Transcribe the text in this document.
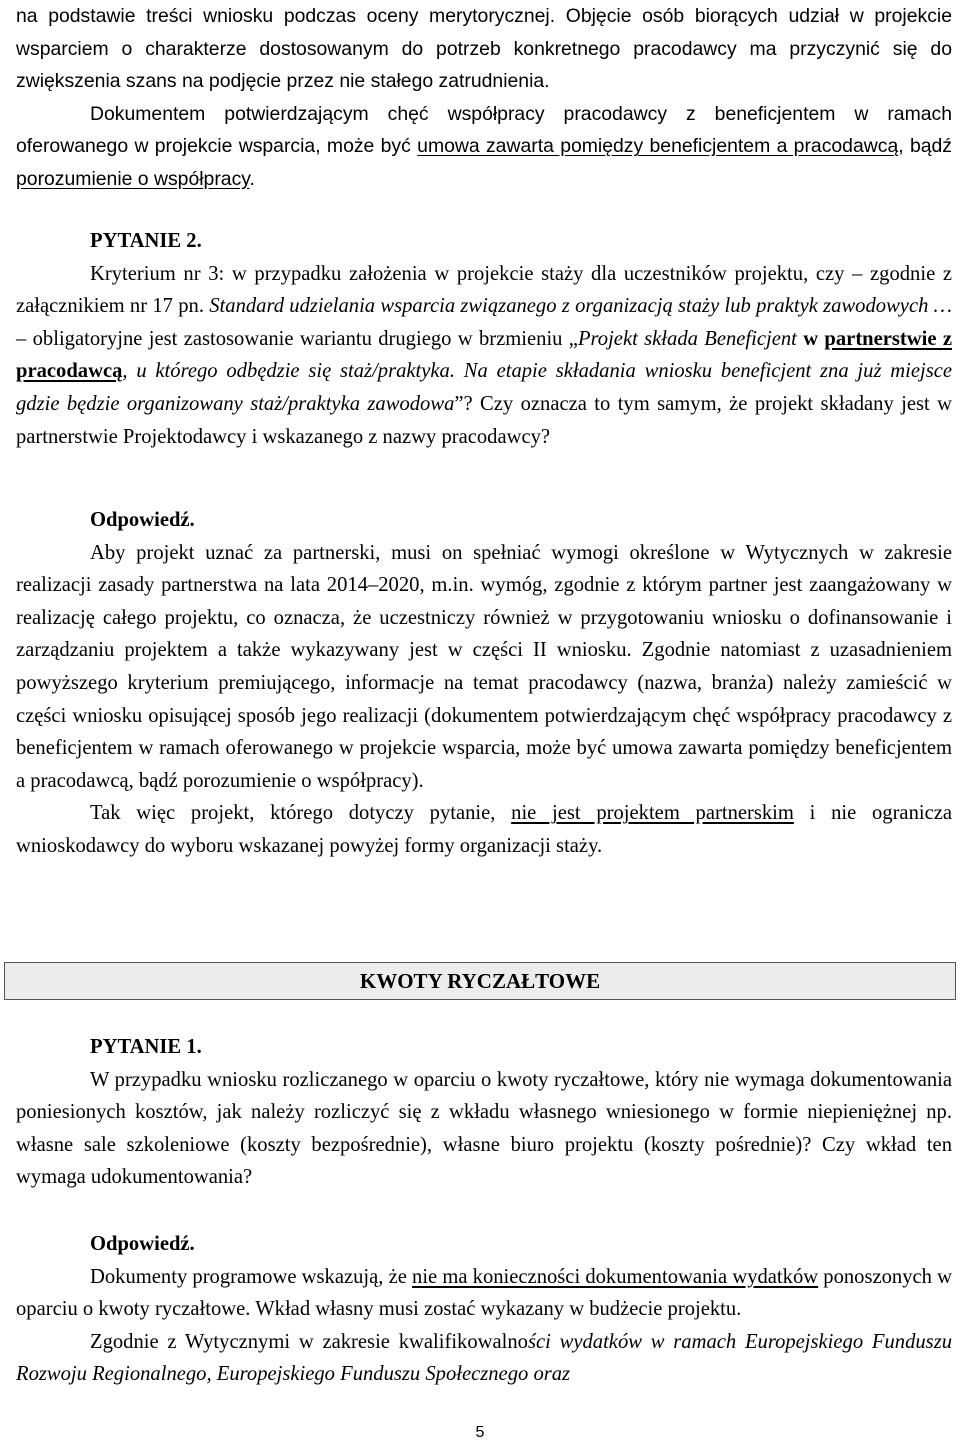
na podstawie treści wniosku podczas oceny merytorycznej. Objęcie osób biorących udział w projekcie wsparciem o charakterze dostosowanym do potrzeb konkretnego pracodawcy ma przyczynić się do zwiększenia szans na podjęcie przez nie stałego zatrudnienia.

Dokumentem potwierdzającym chęć współpracy pracodawcy z beneficjentem w ramach oferowanego w projekcie wsparcia, może być umowa zawarta pomiędzy beneficjentem a pracodawcą, bądź porozumienie o współpracy.

PYTANIE 2.

Kryterium nr 3: w przypadku założenia w projekcie staży dla uczestników projektu, czy – zgodnie z załącznikiem nr 17 pn. Standard udzielania wsparcia związanego z organizacją staży lub praktyk zawodowych … – obligatoryjne jest zastosowanie wariantu drugiego w brzmieniu „Projekt składa Beneficjent w partnerstwie z pracodawcą, u którego odbędzie się staż/praktyka. Na etapie składania wniosku beneficjent zna już miejsce gdzie będzie organizowany staż/praktyka zawodowa”? Czy oznacza to tym samym, że projekt składany jest w partnerstwie Projektodawcy i wskazanego z nazwy pracodawcy?

Odpowiedź.

Aby projekt uznać za partnerski, musi on spełniać wymogi określone w Wytycznych w zakresie realizacji zasady partnerstwa na lata 2014–2020, m.in. wymóg, zgodnie z którym partner jest zaangażowany w realizację całego projektu, co oznacza, że uczestniczy również w przygotowaniu wniosku o dofinansowanie i zarządzaniu projektem a także wykazywany jest w części II wniosku. Zgodnie natomiast z uzasadnieniem powyższego kryterium premiującego, informacje na temat pracodawcy (nazwa, branża) należy zamieścić w części wniosku opisującej sposób jego realizacji (dokumentem potwierdzającym chęć współpracy pracodawcy z beneficjentem w ramach oferowanego w projekcie wsparcia, może być umowa zawarta pomiędzy beneficjentem a pracodawcą, bądź porozumienie o współpracy).

Tak więc projekt, którego dotyczy pytanie, nie jest projektem partnerskim i nie ogranicza wnioskodawcy do wyboru wskazanej powyżej formy organizacji staży.

KWOTY RYCZAŁTOWE

PYTANIE 1.

W przypadku wniosku rozliczanego w oparciu o kwoty ryczałtowe, który nie wymaga dokumentowania poniesionych kosztów, jak należy rozliczyć się z wkładu własnego wniesionego w formie niepieniężnej np. własne sale szkoleniowe (koszty bezpośrednie), własne biuro projektu (koszty pośrednie)? Czy wkład ten wymaga udokumentowania?

Odpowiedź.

Dokumenty programowe wskazują, że nie ma konieczności dokumentowania wydatków ponoszonych w oparciu o kwoty ryczałtowe. Wkład własny musi zostać wykazany w budżecie projektu.

Zgodnie z Wytycznymi w zakresie kwalifikowalności wydatków w ramach Europejskiego Funduszu Rozwoju Regionalnego, Europejskiego Funduszu Społecznego oraz

5
